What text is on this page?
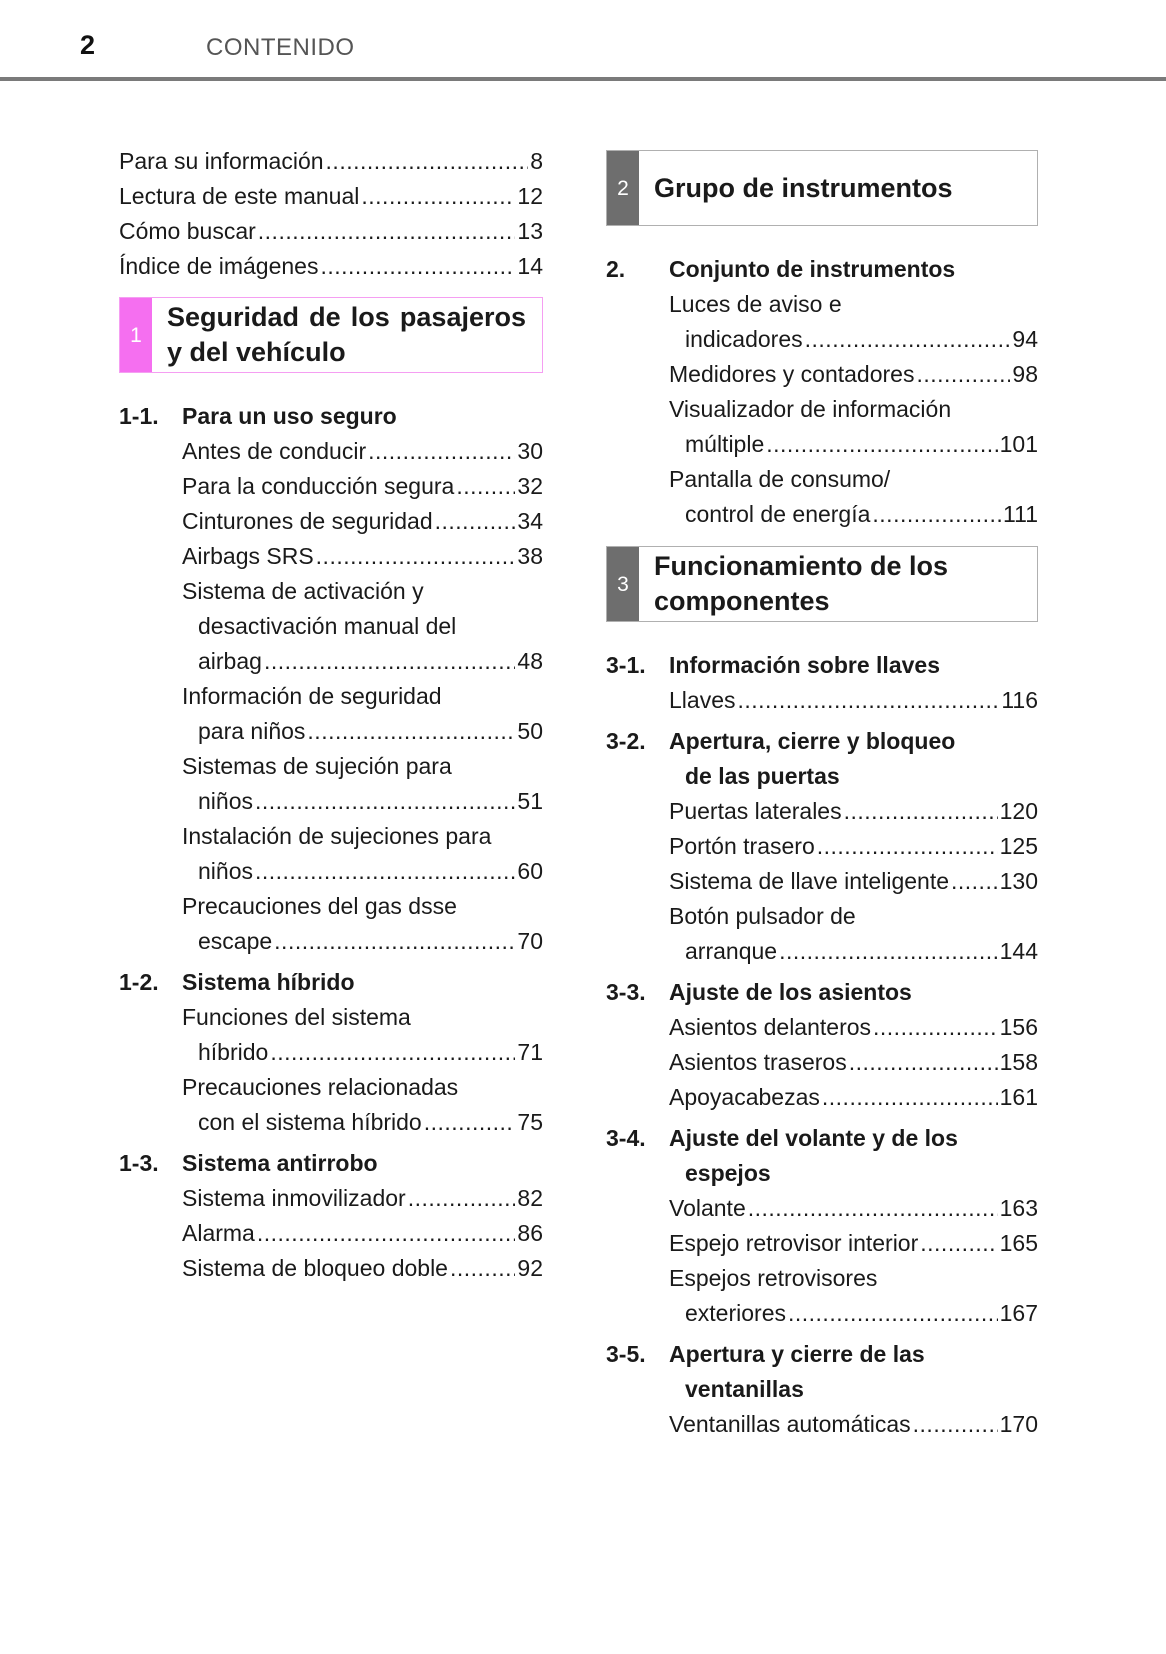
2	CONTENIDO
Para su información .....	8
Lectura de este manual .....	12
Cómo buscar .....	13
Índice de imágenes .....	14
1
Seguridad de los pasajeros
y del vehículo
1-1.	Para un uso seguro
Antes de conducir .....	30
Para la conducción segura .....	32
Cinturones de seguridad .....	34
Airbags SRS .....	38
Sistema de activación y
desactivación manual del
airbag .....	48
Información de seguridad
para niños .....	50
Sistemas de sujeción para
niños .....	51
Instalación de sujeciones para
niños .....	60
Precauciones del gas dsse
escape .....	70
1-2.	Sistema híbrido
Funciones del sistema
híbrido .....	71
Precauciones relacionadas
con el sistema híbrido .....	75
1-3.	Sistema antirrobo
Sistema inmovilizador .....	82
Alarma .....	86
Sistema de bloqueo doble .....	92
2 Grupo de instrumentos
2.	Conjunto de instrumentos
Luces de aviso e
indicadores .....	94
Medidores y contadores .....	98
Visualizador de información
múltiple .....	101
Pantalla de consumo/
control de energía .....	111
3
Funcionamiento de los
componentes
3-1.	Información sobre llaves
Llaves .....	116
3-2.	Apertura, cierre y bloqueo
de las puertas
Puertas laterales .....	120
Portón trasero .....	125
Sistema de llave inteligente ..... 130
Botón pulsador de
arranque .....	144
3-3.	Ajuste de los asientos
Asientos delanteros .....	156
Asientos traseros .....	158
Apoyacabezas .....	161
3-4.	Ajuste del volante y de los
espejos
Volante .....	163
Espejo retrovisor interior .....	165
Espejos retrovisores
exteriores .....	167
3-5.	Apertura y cierre de las
ventanillas
Ventanillas automáticas .....	170
